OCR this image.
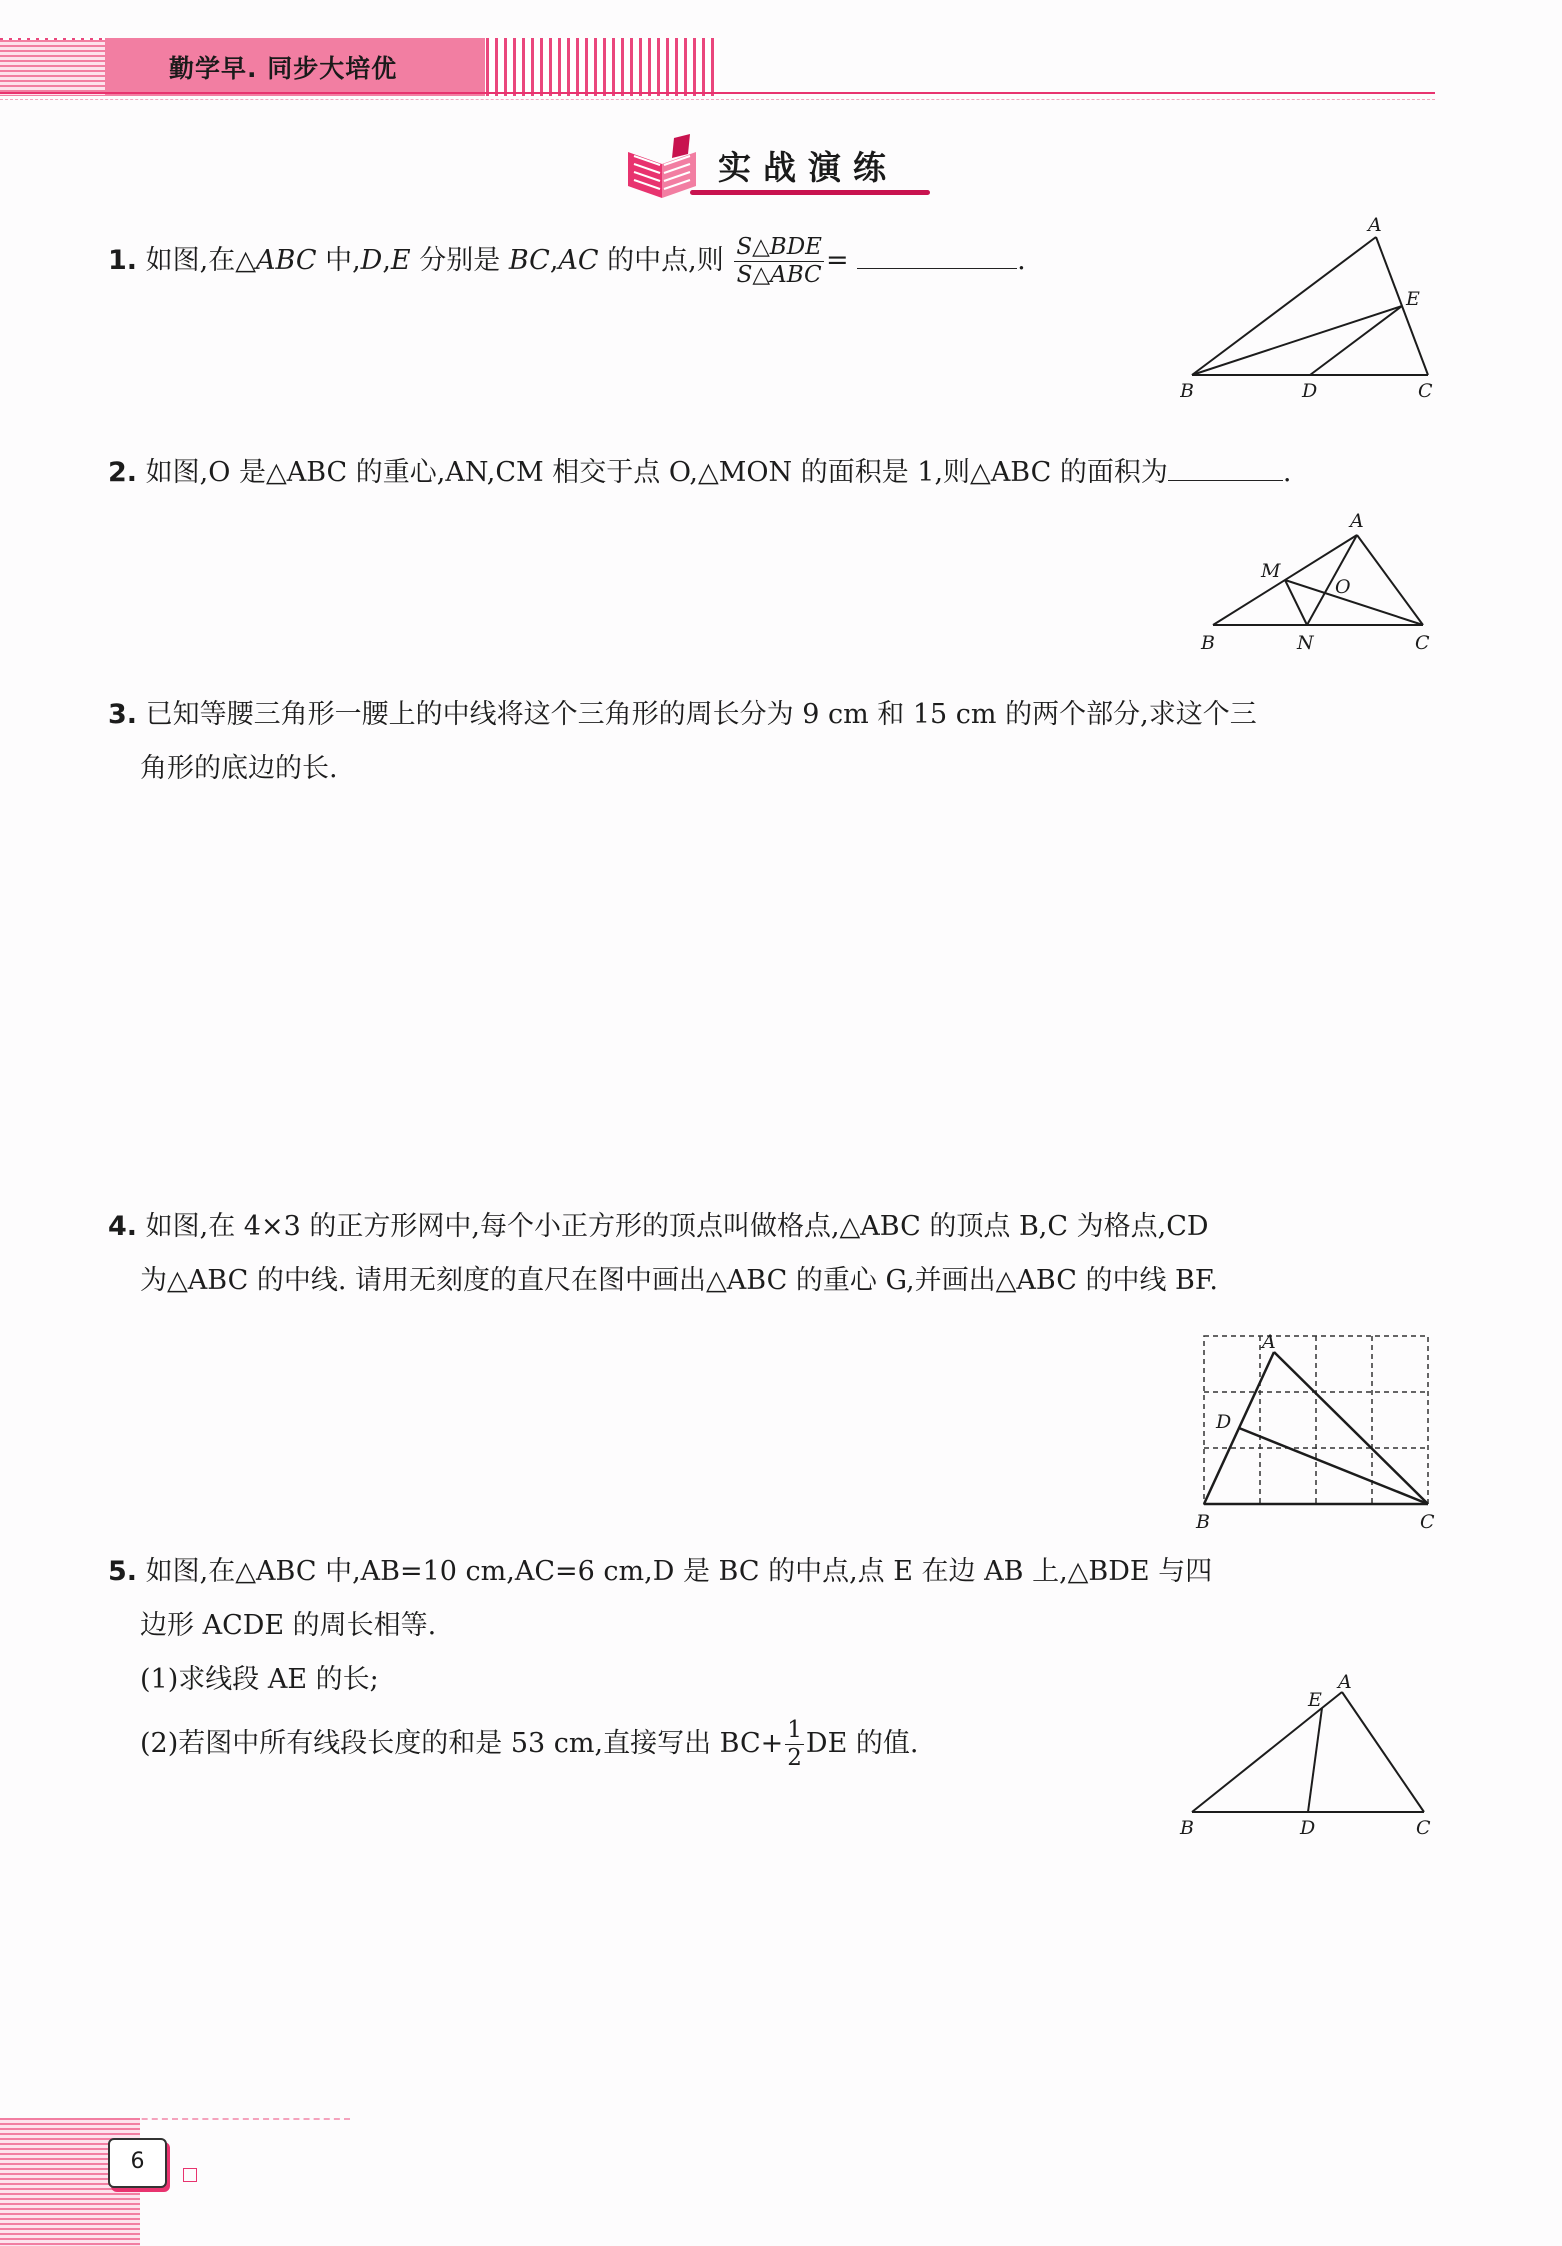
勤学早. 同步大培优
实战演练
1. 如图,在△ABC 中,D,E 分别是 BC,AC 的中点,则 $\frac{\text{S△BDE}}{\text{S△ABC}}$ =	.
A
B	C
D
E
2. 如图,O 是△ABC 的重心,AN,CM 相交于点 O,△MON 的面积是 1,则△ABC 的面积为	.
A
B	C
M
N
O
3. 已知等腰三角形一腰上的中线将这个三角形的周长分为 9 cm 和 15 cm 的两个部分,求这个三
角形的底边的长.
4. 如图,在 4×3 的正方形网中,每个小正方形的顶点叫做格点,△ABC 的顶点 B,C 为格点,CD
为△ABC 的中线. 请用无刻度的直尺在图中画出△ABC 的重心 G,并画出△ABC 的中线 BF.
A
B	C
D
5. 如图,在△ABC 中,AB=10 cm,AC=6 cm,D 是 BC 的中点,点 E 在边 AB 上,△BDE 与四
边形 ACDE 的周长相等.
(1)求线段 AE 的长;
(2)若图中所有线段长度的和是 53 cm,直接写出 $BC+ \frac{1}{2}$ DE 的值.
A
B	C
D
E
6
